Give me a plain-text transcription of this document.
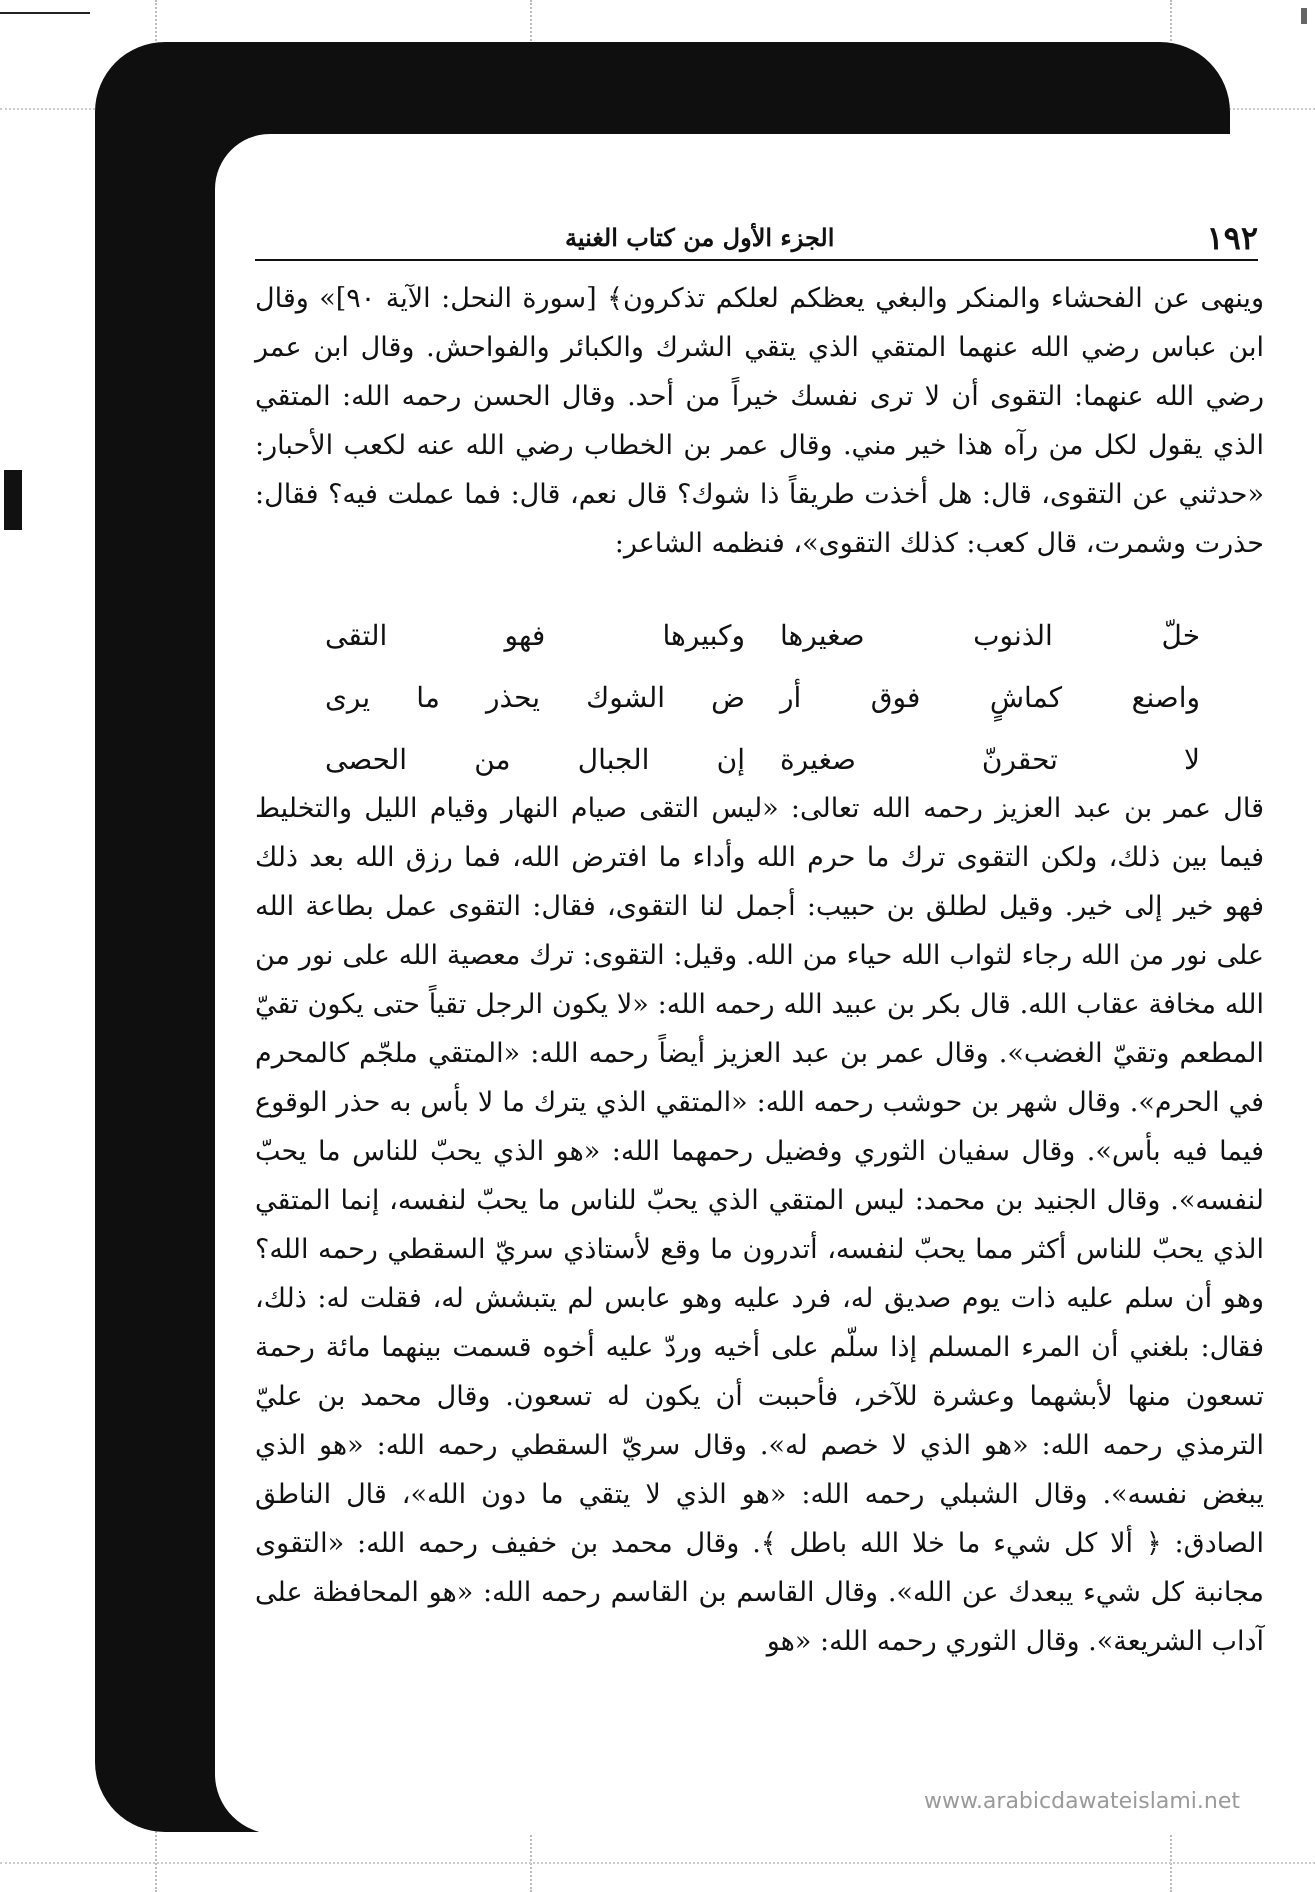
١٩٢
الجزء الأول من كتاب الغنية

وينهى عن الفحشاء والمنكر والبغي يعظكم لعلكم تذكرون﴾ [سورة النحل: الآية ٩٠]» وقال ابن عباس رضي الله عنهما المتقي الذي يتقي الشرك والكبائر والفواحش. وقال ابن عمر رضي الله عنهما: التقوى أن لا ترى نفسك خيراً من أحد. وقال الحسن رحمه الله: المتقي الذي يقول لكل من رآه هذا خير مني. وقال عمر بن الخطاب رضي الله عنه لكعب الأحبار: «حدثني عن التقوى، قال: هل أخذت طريقاً ذا شوك؟ قال نعم، قال: فما عملت فيه؟ فقال: حذرت وشمرت، قال كعب: كذلك التقوى»، فنظمه الشاعر:

خلّ الذنوب صغيرها
وكبيرها فهو التقى
واصنع كماشٍ فوق أر
ض الشوك يحذر ما يرى
لا تحقرنّ صغيرة
إن الجبال من الحصى

قال عمر بن عبد العزيز رحمه الله تعالى: «ليس التقى صيام النهار وقيام الليل والتخليط فيما بين ذلك، ولكن التقوى ترك ما حرم الله وأداء ما افترض الله، فما رزق الله بعد ذلك فهو خير إلى خير. وقيل لطلق بن حبيب: أجمل لنا التقوى، فقال: التقوى عمل بطاعة الله على نور من الله رجاء لثواب الله حياء من الله. وقيل: التقوى: ترك معصية الله على نور من الله مخافة عقاب الله. قال بكر بن عبيد الله رحمه الله: «لا يكون الرجل تقياً حتى يكون تقيّ المطعم وتقيّ الغضب». وقال عمر بن عبد العزيز أيضاً رحمه الله: «المتقي ملجّم كالمحرم في الحرم». وقال شهر بن حوشب رحمه الله: «المتقي الذي يترك ما لا بأس به حذر الوقوع فيما فيه بأس». وقال سفيان الثوري وفضيل رحمهما الله: «هو الذي يحبّ للناس ما يحبّ لنفسه». وقال الجنيد بن محمد: ليس المتقي الذي يحبّ للناس ما يحبّ لنفسه، إنما المتقي الذي يحبّ للناس أكثر مما يحبّ لنفسه، أتدرون ما وقع لأستاذي سريّ السقطي رحمه الله؟ وهو أن سلم عليه ذات يوم صديق له، فرد عليه وهو عابس لم يتبشش له، فقلت له: ذلك، فقال: بلغني أن المرء المسلم إذا سلّم على أخيه وردّ عليه أخوه قسمت بينهما مائة رحمة تسعون منها لأبشهما وعشرة للآخر، فأحببت أن يكون له تسعون. وقال محمد بن عليّ الترمذي رحمه الله: «هو الذي لا خصم له». وقال سريّ السقطي رحمه الله: «هو الذي يبغض نفسه». وقال الشبلي رحمه الله: «هو الذي لا يتقي ما دون الله»، قال الناطق الصادق: ﴿ ألا كل شيء ما خلا الله باطل ﴾. وقال محمد بن خفيف رحمه الله: «التقوى مجانبة كل شيء يبعدك عن الله». وقال القاسم بن القاسم رحمه الله: «هو المحافظة على آداب الشريعة». وقال الثوري رحمه الله: «هو

www.arabicdawateislami.net
